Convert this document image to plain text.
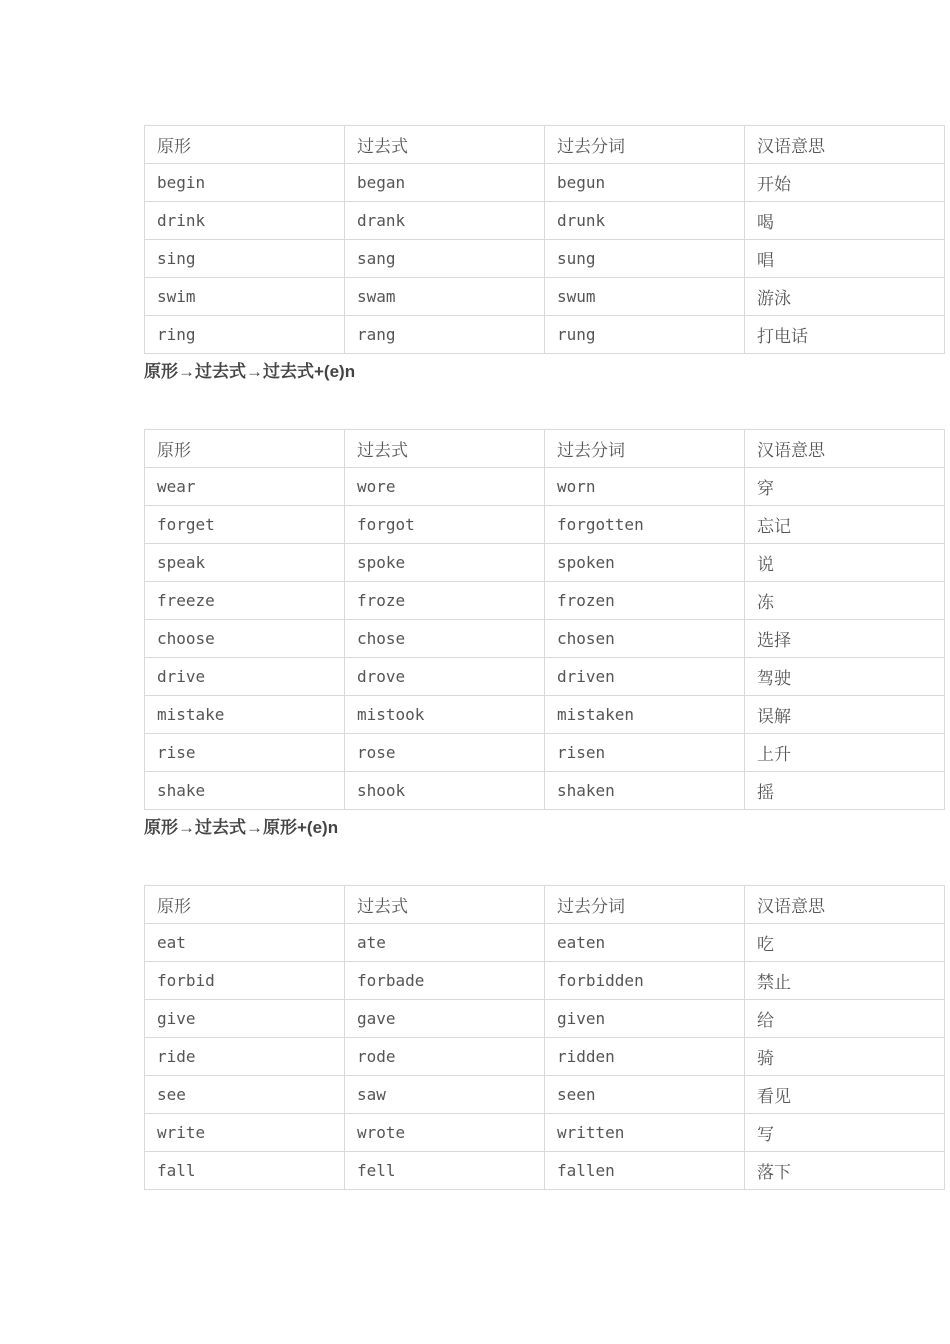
原形	过去式	过去分词	汉语意思
begin	began	begun	开始
drink	drank	drunk	喝
sing	sang	sung	唱
swim	swam	swum	游泳
ring	rang	rung	打电话

原形→过去式→过去式+(e)n

原形	过去式	过去分词	汉语意思
wear	wore	worn	穿
forget	forgot	forgotten	忘记
speak	spoke	spoken	说
freeze	froze	frozen	冻
choose	chose	chosen	选择
drive	drove	driven	驾驶
mistake	mistook	mistaken	误解
rise	rose	risen	上升
shake	shook	shaken	摇

原形→过去式→原形+(e)n

原形	过去式	过去分词	汉语意思
eat	ate	eaten	吃
forbid	forbade	forbidden	禁止
give	gave	given	给
ride	rode	ridden	骑
see	saw	seen	看见
write	wrote	written	写
fall	fell	fallen	落下
